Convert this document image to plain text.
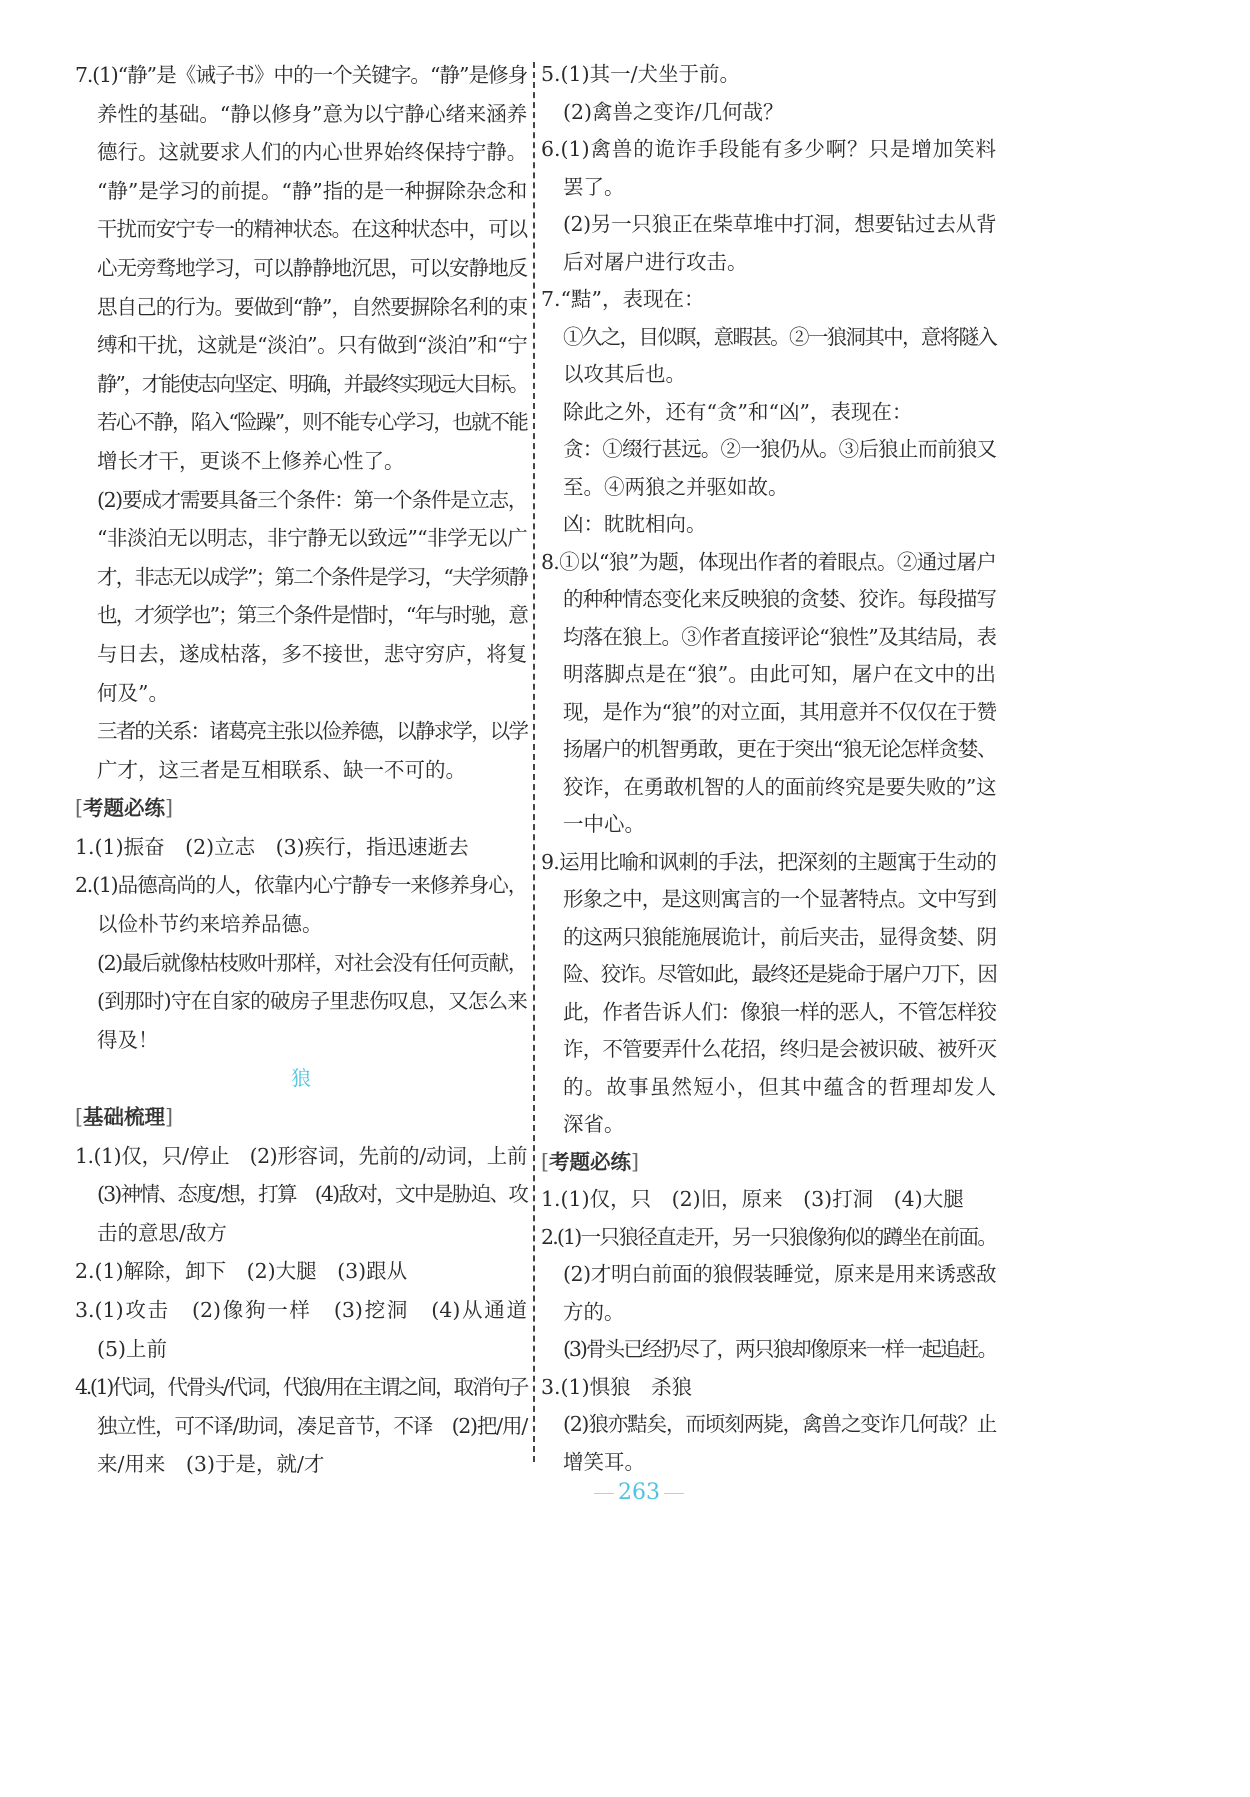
7.(1)“静”是《诫子书》中的一个关键字。“静”是修身
养性的基础。“静以修身”意为以宁静心绪来涵养
德行。这就要求人们的内心世界始终保持宁静。
“静”是学习的前提。“静”指的是一种摒除杂念和
干扰而安宁专一的精神状态。在这种状态中，可以
心无旁骛地学习，可以静静地沉思，可以安静地反
思自己的行为。要做到“静”，自然要摒除名利的束
缚和干扰，这就是“淡泊”。只有做到“淡泊”和“宁
静”，才能使志向坚定、明确，并最终实现远大目标。
若心不静，陷入“险躁”，则不能专心学习，也就不能
增长才干，更谈不上修养心性了。
(2)要成才需要具备三个条件：第一个条件是立志，
“非淡泊无以明志，非宁静无以致远”“非学无以广
才，非志无以成学”；第二个条件是学习，“夫学须静
也，才须学也”；第三个条件是惜时，“年与时驰，意
与日去，遂成枯落，多不接世，悲守穷庐，将复
何及”。
三者的关系：诸葛亮主张以俭养德，以静求学，以学
广才，这三者是互相联系、缺一不可的。
[考题必练]
1.(1)振奋　(2)立志　(3)疾行，指迅速逝去
2.(1)品德高尚的人，依靠内心宁静专一来修养身心，
以俭朴节约来培养品德。
(2)最后就像枯枝败叶那样，对社会没有任何贡献，
(到那时)守在自家的破房子里悲伤叹息，又怎么来
得及！
狼
[基础梳理]
1.(1)仅，只/停止　(2)形容词，先前的/动词，上前
(3)神情、态度/想，打算　(4)敌对，文中是胁迫、攻
击的意思/敌方
2.(1)解除，卸下　(2)大腿　(3)跟从
3.(1)攻击　(2)像狗一样　(3)挖洞　(4)从通道
(5)上前
4.(1)代词，代骨头/代词，代狼/用在主谓之间，取消句子
独立性，可不译/助词，凑足音节，不译　(2)把/用/
来/用来　(3)于是，就/才
5.(1)其一/犬坐于前。
(2)禽兽之变诈/几何哉？
6.(1)禽兽的诡诈手段能有多少啊？只是增加笑料
罢了。
(2)另一只狼正在柴草堆中打洞，想要钻过去从背
后对屠户进行攻击。
7.“黠”，表现在：
①久之，目似瞑，意暇甚。②一狼洞其中，意将隧入
以攻其后也。
除此之外，还有“贪”和“凶”，表现在：
贪：①缀行甚远。②一狼仍从。③后狼止而前狼又
至。④两狼之并驱如故。
凶：眈眈相向。
8.①以“狼”为题，体现出作者的着眼点。②通过屠户
的种种情态变化来反映狼的贪婪、狡诈。每段描写
均落在狼上。③作者直接评论“狼性”及其结局，表
明落脚点是在“狼”。由此可知，屠户在文中的出
现，是作为“狼”的对立面，其用意并不仅仅在于赞
扬屠户的机智勇敢，更在于突出“狼无论怎样贪婪、
狡诈，在勇敢机智的人的面前终究是要失败的”这
一中心。
9.运用比喻和讽刺的手法，把深刻的主题寓于生动的
形象之中，是这则寓言的一个显著特点。文中写到
的这两只狼能施展诡计，前后夹击，显得贪婪、阴
险、狡诈。尽管如此，最终还是毙命于屠户刀下，因
此，作者告诉人们：像狼一样的恶人，不管怎样狡
诈，不管要弄什么花招，终归是会被识破、被歼灭
的。故事虽然短小，但其中蕴含的哲理却发人
深省。
[考题必练]
1.(1)仅，只　(2)旧，原来　(3)打洞　(4)大腿
2.(1)一只狼径直走开，另一只狼像狗似的蹲坐在前面。
(2)才明白前面的狼假装睡觉，原来是用来诱惑敌
方的。
(3)骨头已经扔尽了，两只狼却像原来一样一起追赶。
3.(1)惧狼　杀狼
(2)狼亦黠矣，而顷刻两毙，禽兽之变诈几何哉？止
增笑耳。
263
